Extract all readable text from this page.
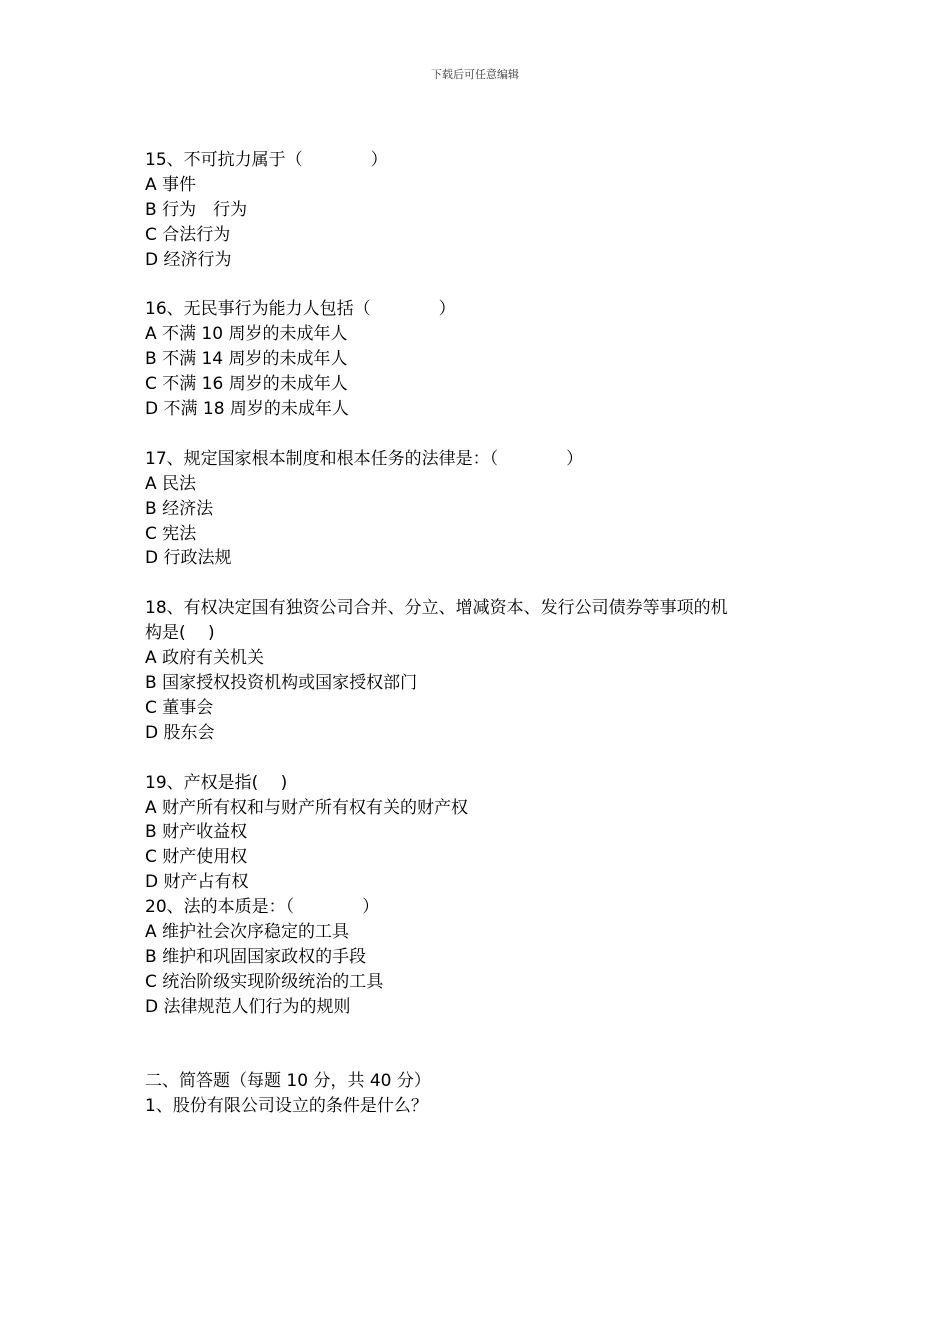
下载后可任意编辑

15、不可抗力属于（　　　　）

A 事件

B 行为　行为

C 合法行为

D 经济行为

16、无民事行为能力人包括（　　　　）

A 不满 10 周岁的未成年人

B 不满 14 周岁的未成年人

C 不满 16 周岁的未成年人

D 不满 18 周岁的未成年人

17、规定国家根本制度和根本任务的法律是：（　　　　）

A 民法

B 经济法

C 宪法

D 行政法规

18、有权决定国有独资公司合并、分立、增减资本、发行公司债券等事项的机

构是(　 )

A 政府有关机关

B 国家授权投资机构或国家授权部门

C 董事会

D 股东会

19、产权是指(　 )

A 财产所有权和与财产所有权有关的财产权

B 财产收益权

C 财产使用权

D 财产占有权

20、法的本质是：（　　　　）

A 维护社会次序稳定的工具

B 维护和巩固国家政权的手段

C 统治阶级实现阶级统治的工具

D 法律规范人们行为的规则

二、简答题（每题 10 分，共 40 分）

1、股份有限公司设立的条件是什么？
